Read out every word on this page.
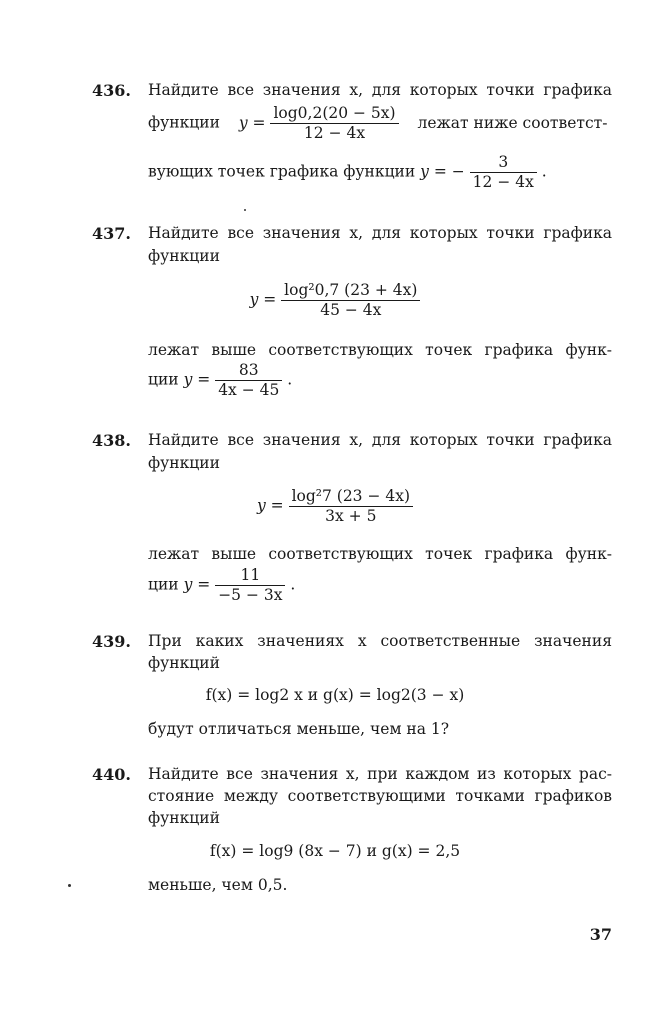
436. Найдите все значения x, для которых точки графика
функции $y = \frac{\log 0,2(20 - 5x)}{12 - 4x}$ лежат ниже соответст-
вующих точек графика функции y = − $\frac{3}{12 - 4x}$ .
437. Найдите все значения x, для которых точки графика
функции
$y = \frac{\text{log²0,7 (23 + 4x)}}{45 - 4x}$
лежат выше соответствующих точек графика функ-
ции $y = \frac{83}{4x - 45}$ .
438. Найдите все значения x, для которых точки графика
функции
$y = \frac{\text{log²7 (23 − 4x)}}{3x + 5}$
лежат выше соответствующих точек графика функ-
ции $y = \frac{11}{-5 - 3x}$ .
439. При каких значениях x соответственные значения
функций
f(x) = log2 x и g(x) = log2(3 − x)
будут отличаться меньше, чем на 1?
440. Найдите все значения x, при каждом из которых рас-
стояние между соответствующими точками графиков
функций
f(x) = log9 (8x − 7) и g(x) = 2,5
меньше, чем 0,5.
37
